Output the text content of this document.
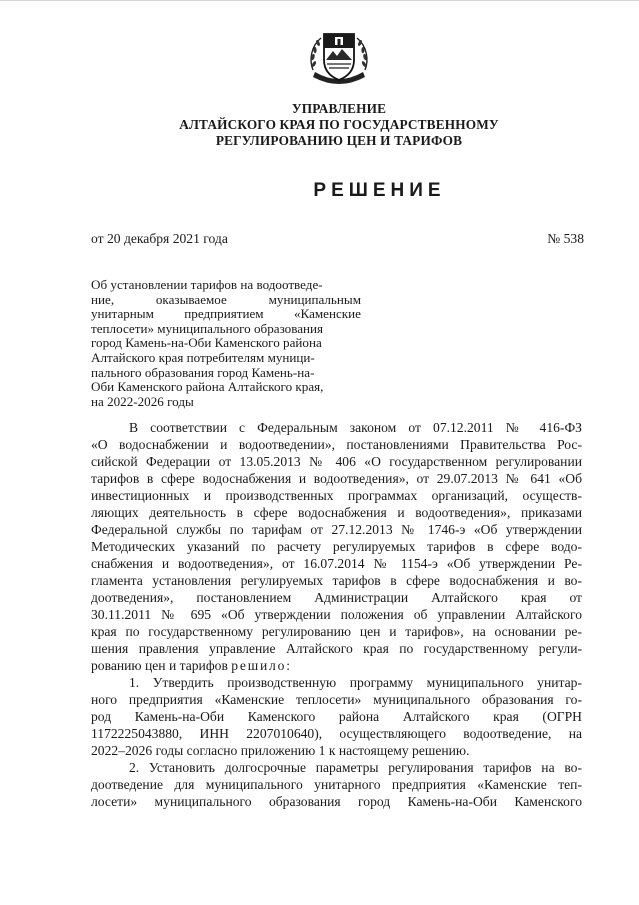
УПРАВЛЕНИЕ
АЛТАЙСКОГО КРАЯ ПО ГОСУДАРСТВЕННОМУ
РЕГУЛИРОВАНИЮ ЦЕН И ТАРИФОВ
РЕШЕНИЕ
от 20 декабря 2021 года	№ 538
Об установлении тарифов на водоотведе-
ние, оказываемое муниципальным
унитарным предприятием «Каменские
теплосети» муниципального образования
город Камень-на-Оби Каменского района
Алтайского края потребителям муници-
пального образования город Камень-на-
Оби Каменского района Алтайского края,
на 2022-2026 годы
В соответствии с Федеральным законом от 07.12.2011 № 416-ФЗ
«О водоснабжении и водоотведении», постановлениями Правительства Рос-
сийской Федерации от 13.05.2013 № 406 «О государственном регулировании
тарифов в сфере водоснабжения и водоотведения», от 29.07.2013 № 641 «Об
инвестиционных и производственных программах организаций, осуществ-
ляющих деятельность в сфере водоснабжения и водоотведения», приказами
Федеральной службы по тарифам от 27.12.2013 № 1746-э «Об утверждении
Методических указаний по расчету регулируемых тарифов в сфере водо-
снабжения и водоотведения», от 16.07.2014 № 1154-э «Об утверждении Ре-
гламента установления регулируемых тарифов в сфере водоснабжения и во-
доотведения», постановлением Администрации Алтайского края от
30.11.2011 № 695 «Об утверждении положения об управлении Алтайского
края по государственному регулированию цен и тарифов», на основании ре-
шения правления управление Алтайского края по государственному регули-
рованию цен и тарифов решило:
1. Утвердить производственную программу муниципального унитар-
ного предприятия «Каменские теплосети» муниципального образования го-
род Камень-на-Оби Каменского района Алтайского края (ОГРН
1172225043880, ИНН 2207010640), осуществляющего водоотведение, на
2022–2026 годы согласно приложению 1 к настоящему решению.
2. Установить долгосрочные параметры регулирования тарифов на во-
доотведение для муниципального унитарного предприятия «Каменские теп-
лосети» муниципального образования город Камень-на-Оби Каменского
